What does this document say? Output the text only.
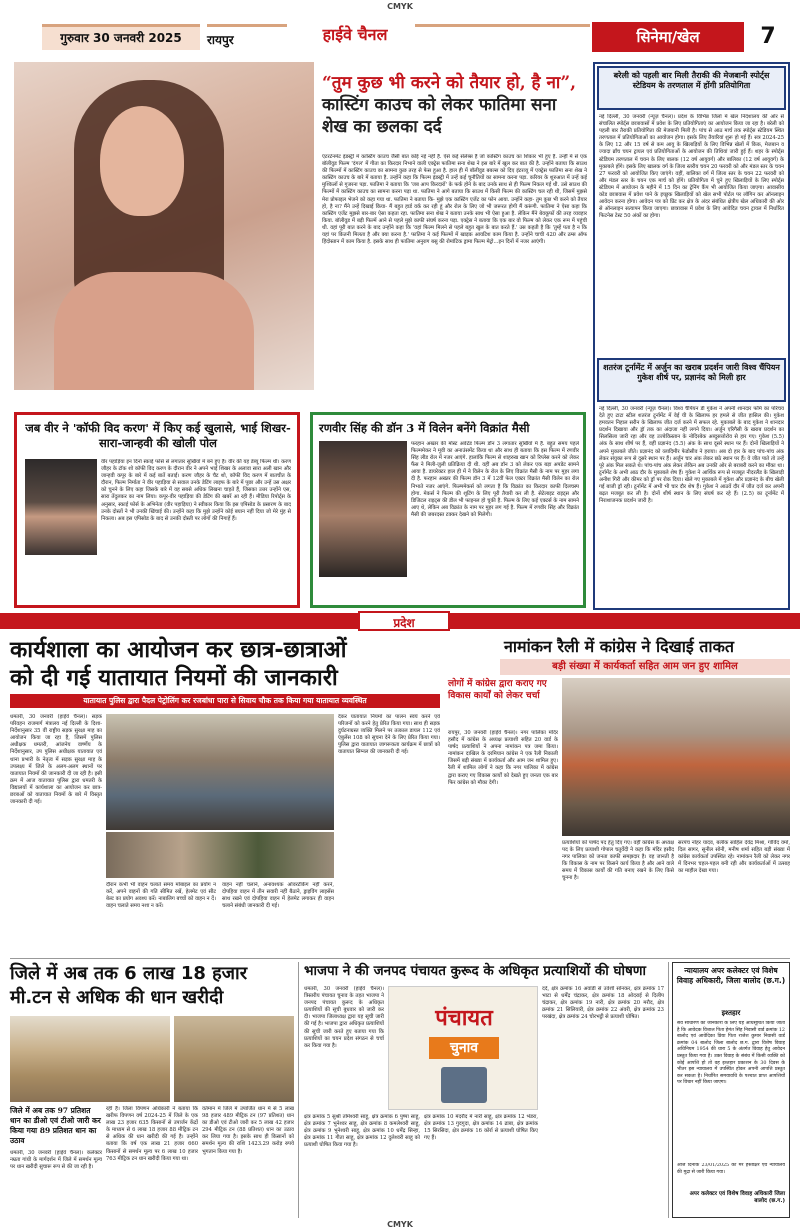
CMYK
गुरुवार 30 जनवरी 2025	रायपुर	हाईवे चैनल	सिनेमा/खेल	7
“तुम कुछ भी करने को तैयार हो, है ना”, कास्टिंग काउच को लेकर फातिमा सना शेख का छलका दर्द
एंटरटेनमेंट इंडस्ट्री में कास्टिंग काउच जैसी बात कोई नई नहीं है. ऐसे कई सेलेब्स हैं जो कास्टिंग काउच का शिकार भी हुए हैं. उन्हीं में से एक बॉलीवुड फिल्म 'दंगल' में गीता का किरदार निभाने वाली एक्ट्रेस फातिमा सना शेख ने इस बारे में खुल कर बात की है. उन्होंने बताया कि साउथ की फिल्मों में कास्टिंग काउच का सामना कुछ तरह से फेस हुआ है. हाल ही में बॉलीवुड बबल्स को दिए इंटरव्यू में एक्ट्रेस फातिमा सना शेख ने कास्टिंग काउच के बारे में बताया है. उन्होंने कहा कि फिल्म इंडस्ट्री में उन्हें कई चुनौतियों का सामना करना पड़ा. करियर के शुरुआत में उन्हें कई मुश्किलों से गुजरना पड़ा. फातिमा ने बताया कि 'जब आप किरदारों' के फर्क होने के बाद उनके साथ से ही फिल्म निकल गई थी. उसे साउथ की फिल्मों में कास्टिंग काउच का सामना करना पड़ा था. फातिमा ने आगे बताया कि साउथ में किसी फिल्म की कास्टिंग चल रही थी, जिसमें मुझसे मेरा प्रोफाइल भेजने को कहा गया था. फातिमा ने बताया कि- मुझे एक कास्टिंग एजेंट का फोन आया. उन्होंने कहा- तुम कुछ भी करने को तैयार हो, है ना? मैंने उन्हें दिखाई किया- मैं बहुत हार्ड वर्क कर रही हूं और रोल के लिए जो भी जरूरत होगी मैं करूंगी. फातिमा ने ऐसा कहा कि कास्टिंग एजेंट मुझसे बार-बार ऐसा कहता रहा. फातिमा सना शेख ने बताया उनके साथ भी ऐसा हुआ है. लेकिन मैंने बेवकूफों की तरह व्यवहार किया. बॉलीवुड में बड़ी फिल्में आने से पहले मुझे काफी संघर्ष करना पड़ा. एक्ट्रेस ने बताया कि एक बार वो फिल्म को लेकर एक रूम में पहुंची थी. वहां पूरी बात करने के बाद उन्होंने कहा कि 'वहां फिल्म मिलने से पहले बहुत खुल के बात करते हैं.' उस कहती है कि 'तुम्हें पता है न कि यहां पर कितनी मिलता है और क्या करना है.' फातिमा ने कई फिल्मों में खाड़क आयटिश काम किया है. उन्होंने चाची 420 और ठग्स ऑफ हिंदोस्तान में काम किया है. इसके साथ ही फातिमा अनुराग बसु की रोमांटिक ड्रामा फिल्म मेट्रो...इन दिनों में नजर आएंगी।
बरेली को पहली बार मिली तैराकी की मेजबानी स्पोर्ट्स स्टेडियम के तरणताल में होंगी प्रतियोगिता
नई दिल्ली, 30 जनवरी (न्यूज़ चैनल)। प्रदेश के विभिन्न जिलों में खेल निदेशालय की ओर से संचालित स्पोर्ट्स छात्रावासों में प्रवेश के लिए प्रतियोगिताएं का आयोजन किया जा रहा है। बरेली को पहली बार तैराकी प्रतियोगिता की मेजबानी मिली है। पांच से आठ मार्च तक स्पोर्ट्स स्टेडियम स्थित तरणताल में प्रतियोगिताओं का आयोजन होगा। इसके लिए तैयारियां शुरू हो गई हैं। सत्र 2024-25 के लिए 12 और 15 वर्ष से कम आयु के खिलाड़ियों के लिए विभिन्न खेलों में किक, मेजबान व ज्यादा ब्राँच चयन ट्रायल एवं प्रतियोगिताओं के आयोजन की तिथियां जारी हुई हैं। शहर के स्पोर्ट्स स्टेडियम तरणताल में चयन के लिए बालक (12 वर्ष आयुवर्ग) और बालिका (12 वर्ष आयुवर्ग) के मुकाबले होंगे। इसके लिए खालक वर्ग के जिला स्तरीय चयन 20 फरवरी को और मंडल स्तर के चयन 27 फरवरी को आयोजित किए जाएंगे। वहीं, बालिका वर्ग में जिला स्तर के चयन 22 फरवरी को और मंडल स्तर के चयन एक मार्च को होंगे। प्रतियोगिता में चुने हुए खिलाड़ियों के लिए स्पोर्ट्स स्टेडियम में आयोजन के महीने में 15 दिन का ट्रेनिंग कैंप भी आयोजित किया जाएगा। आवासीय कोड छात्रावास में प्रवेश पाने के इच्छुक खिलाड़ियों को खेल सभी पोर्टल पर लॉगिन कर ऑनलाइन आवेदन करना होगा। आवेदन पत्र को प्रिंट कर क्षेत्र के अंदर संबंधित क्षेत्रीय खेल अधिकारी की ओर से ऑनलाइन सत्यापन किया जाएगा। छात्रावास में प्रवेश के लिए आवेदित चयन ट्रायल में निर्धारित फिटनेस टेस्ट 50 अंकों का होगा।
शतरंज टूर्नामेंट में अर्जुन का खराब प्रदर्शन जारी विश्व चैंपियन गुकेश शीर्ष पर, प्रज्ञानंद को मिली हार
नई दिल्ली, 30 जनवरी (न्यूज़ चैनल)। विश्व चैंपियन डी गुकेश ने अपनी शानदार फॉर्म का परिचय देते हुए टाटा स्टील शतरंज टूर्नामेंट में वेई यी के खिलाफ हर हमले से जीत हासिल की। गुकेश हमवतन निहाल सरीन के खिलाफ जीत दर्ज करने में सफल रहे. मुकाबले के बाद गुकेश ने शानदार प्रदर्शन दिखाया और ड्रॉ तक का अंदाजा नहीं लगने दिया। अर्जुन एरिगैसी के खराब प्रदर्शन का सिलसिला जारी रहा और वह उज्बेकिस्तान के नोदिरबेक अब्दुसत्तोरोव से हार गए। गुकेश (5.5) अंक के साथ शीर्ष पर हैं, वहीं प्रज्ञानंद (5.5) अंक के साथ दूसरे स्थान पर हैं। दोनों खिलाड़ियों ने अपने मुकाबले जीते। प्रज्ञानंद को व्लादिमीर फेडोसीव ने हराया। अब दो हार के बाद पांच-पांच अंक लेकर संयुक्त रूप से दूसरे स्थान पर हैं। अर्जुन चार अंक लेकर छठे स्थान पर हैं। वे जीत पाते तो उन्हें पूरे अंक मिल सकते थे। पांच-पांच अंक लेकर लेकिन अब उनकी ओर से बराबरी करने का मौका था। टूर्नामेंट के अभी आठ दौर के मुकाबले शेष हैं। गुकेश ने आर्थिक रूप से मजबूत नीदरलैंड के खिलाड़ी अनीश गिरी और कीमर को ड्रॉ पर रोक दिया। खेले गए मुकाबले में गुकेश और प्रज्ञानंद के बीच खेली गई बाजी ड्रॉ रही। टूर्नामेंट में अभी भी चार दौर शेष हैं। गुकेश ने आठवें दौर में जीत दर्ज कर अपनी बढ़त मजबूत कर ली है। दोनों शीर्ष स्थान के लिए संघर्ष कर रहे हैं। (2.5) का टूर्नामेंट में निराशाजनक प्रदर्शन जारी है।
जब वीर ने 'कॉफी विद करण' में किए कई खुलासे, भाई शिखर-सारा-जान्हवी की खोली पोल
वीर पहाड़िया इन दिनों स्काई फोर्स से लगातार सुर्खियों में बने हुए हैं। वीर की यह डेब्यू फिल्म थी। करण जौहर के टॉक शो कॉफी विद करण के दौरान वीर ने अपने भाई शिखर के अलावा सारा अली खान और जान्हवी कपूर के बारे में कई बातें बताईं। करण जौहर के चैट शो, कॉफी विद करण में बातचीत के दौरान, फिल्म निर्माता ने वीर पहाड़िया से सवाल उनके डेटिंग लाइफ के बारे में पूछा और उन्हें उस अक्षर को चुनने के लिए कहा जिसके बारे में वह सबसे अधिक लिखना चाहते हैं, जिसका उत्तर उन्होंने एस, सारा तेंदुलकर का नाम लिया। कपूर-वीर पहाड़िया की डेटिंग की खबरें आ रही हैं। मीडिया रिपोर्ट्स के अनुसार, स्काई फोर्स के अभिनेता (वीर पहाड़िया) ने स्वीकार किया कि इस एपिसोड के प्रसारण के बाद उनके दोस्तों ने भी उनकी खिंचाई की। उन्होंने कहा कि मुझे उन्होंने कोई बयान नहीं दिया जो मेरे मुंह से निकला। अब इस एपिसोड के बाद से उनकी दोस्ती पर लोगों की निगाहें हैं।
रणवीर सिंह की डॉन 3 में विलेन बनेंगे विक्रांत मैसी
फरहान अख्तर की मोस्ट अवेटेड फिल्म डॉन 3 लगातार सुर्खियों में है. बहुत समय पहले फिल्ममेकर ने मूवी का अनाउंसमेंट किया था और साथ ही बताया कि इस फिल्म में रणवीर सिंह लीड रोल में नजर आएंगे. हालांकि फिल्म से शाहरुख खान को रिप्लेस करने को लेकर फैंस ने मिली-जुली प्रतिक्रिया दी थी. वहीं अब डॉन 3 को लेकर एक बड़ा अपडेट सामने आया है. डायरेक्टर हाल ही में ने विलेन के रोल के लिए विक्रांत मैसी के नाम पर मुहर लगा दी है. फरहान अख्तर की फिल्म डॉन 3 में 12वीं फेल एक्टर विक्रांत मैसी विलेन का रोल निभाते नजर आएंगे. फिल्ममेकर्स को लगता है कि विक्रांत का किरदार काफी दिलचस्प होगा. मेकर्स ने फिल्म की शूटिंग के लिए पूरी तैयारी कर ली है. सेटेलाइट राइट्स और डिजिटल राइट्स की डील भी फाइनल हो चुकी है. फिल्म के लिए कई एक्टर्स के नाम सामने आए थे, लेकिन अब विक्रांत के नाम पर मुहर लग गई है. फिल्म में रणवीर सिंह और विक्रांत मैसी की जबरदस्त टक्कर देखने को मिलेगी।
प्रदेश
कार्यशाला का आयोजन कर छात्र-छात्राओं
को दी गई यातायात नियमों की जानकारी
यातायात पुलिस द्वारा पैदल पेट्रोलिंग कर रजबांधा पारा से सिवाय चौक तक किया गया यातायात व्यवस्थित
धमतरी, 30 जनवरी (हाईवे चैनल)। सड़क परिवहन राजमार्ग मंत्रालय नई दिल्ली के दिशा-निर्देशानुसार 35 वीं राष्ट्रीय सड़क सुरक्षा माह का आयोजन किया जा रहा है, जिसमें पुलिस अधीक्षक धमतरी, आंजनेय वार्ष्णेय के निर्देशानुसार, उप पुलिस अधीक्षक यातायात एवं थाना प्रभारी के नेतृत्व में सड़क सुरक्षा माह के उपलक्ष्य में जिले के अलग-अलग स्थानों पर यातायात नियमों की जानकारी दी जा रही है। इसी क्रम में आज यातायात पुलिस द्वारा धमतरी के विद्यालयों में कार्यशाला का आयोजन कर छात्र-छात्राओं को यातायात नियमों के बारे में विस्तृत जानकारी दी गई।
दौरान कभी भी वाहन चलाते समय मोबाइल का प्रयोग न करें, अपने वाहनों की गति सीमित रखें, हेलमेट एवं सीट बेल्ट का प्रयोग अवश्य करें। नाबालिग बच्चों को वाहन न दें। वाहन चलाते समय नशा न करें।
वाहन नहीं चलाने, अनावश्यक ओवरटेकिंग नहीं करने, दोपहिया वाहन में तीन सवारी नहीं बैठाने, ड्राइविंग लाइसेंस साथ रखने एवं दोपहिया वाहन में हेलमेट लगाकर ही वाहन चलाने संबंधी जानकारी दी गई।
देकर यातायात नियमों का पालन स्वयं करने एवं परिजनों को करने हेतु प्रेरित किया गया। साथ ही सड़क दुर्घटनाग्रस्त व्यक्ति मिलने पर तत्काल डायल 112 एवं एंबुलेंस 108 को सूचना देने के लिए प्रेरित किया गया। पुलिस द्वारा यातायात जागरूकता कार्यक्रम में छात्रों को यातायात सिग्नल की जानकारी दी गई।
नामांकन रैली में कांग्रेस ने दिखाई ताकत
बड़ी संख्या में कार्यकर्ता सहित आम जन हुए शामिल
लोगों में कांग्रेस द्वारा कराए गए विकास कार्यों को लेकर चर्चा
रायपुर, 30 जनवरी (हाईवे चैनल)। नगर पालिका मंदिर हसौद में कांग्रेस के अध्यक्ष प्रत्याशी सहित 20 वार्ड के पार्षद प्रत्याशियों ने अपना नामांकन पत्र जमा किया। नामांकन दाखिल के दरमियान कांग्रेस ने एक रैली निकाली जिसमें बड़ी संख्या में कार्यकर्ता और आम जन शामिल हुए। रैली में शामिल लोगों ने कहा कि नगर पालिका में कांग्रेस द्वारा कराए गए विकास कार्यों को देखते हुए जनता एक बार फिर कांग्रेस को मौका देगी।
प्रत्याशियों को पार्षद पद हेतु दिए गए। वहीं कांग्रेस के अध्यक्ष पद के लिए प्रत्याशी गोपाल चतुर्वेदी ने कहा कि मंदिर हसौद नगर पालिका को जनता काफी समझदार है। वह जानती है कि विकास के नाम पर किसने कार्य किया है और आने वाले समय में विकास कार्यों की गति बनाए रखने के लिए किसे चुनना है।
सरपंच नोहर यादव, बलीक साहिल देवेंद्र मिश्रा, गोविंद वर्मा, दिल सागर, सुनील सोनी, मनीष शर्मा सहित बड़ी संख्या में कांग्रेस कार्यकर्ता उपस्थित रहे। नामांकन रैली को लेकर नगर में दिनभर चहल-पहल बनी रही और कार्यकर्ताओं में उत्साह का माहौल देखा गया।
जिले में अब तक 6 लाख 18 हजार
मी.टन से अधिक की धान खरीदी
जिले में अब तक 97 प्रतिशत धान का डीओ एवं टीओ जारी कर किया गया 89 प्रतिशत धान का उठाव
धमतरी, 30 जनवरी (हाईवे चैनल)। कलेक्टर नम्रता गांधी के मार्गदर्शन में जिले में समर्थन मूल्य पर धान खरीदी सुचारू रूप से की जा रही है।
रही है। जिला विपणन अधिकारी ने बताया कि खरीफ विपणन वर्ष 2024-25 में जिले के एक लाख 23 हजार 635 किसानों से उपार्जन केंद्रों के माध्यम से 6 लाख 18 हजार 88 मीट्रिक टन से अधिक की धान खरीदी की गई है। उन्होंने बताया कि वर्ष एक लाख 21 हजार 660 किसानों से समर्थन मूल्य पर 6 लाख 10 हजार 763 मीट्रिक टन धान खरीदी किया गया था।
वर्तमान में जिले में उपार्जित धान में से 5 लाख 98 हजार 489 मीट्रिक टन (97 प्रतिशत) धान का डीओ एवं टीओ जारी कर 5 लाख 42 हजार 294 मीट्रिक टन (88 प्रतिशत) धान का उठाव कर लिया गया है। इसके साथ ही किसानों को समर्थन मूल्य की राशि 1423.29 करोड़ रुपये भुगतान किया गया है।
भाजपा ने की जनपद पंचायत कुरूद के अधिकृत प्रत्याशियों की घोषणा
धमतरी, 30 जनवरी (हाईवे चैनल)। त्रिस्तरीय पंचायत चुनाव के तहत भाजपा ने जनपद पंचायत कुरूद के अधिकृत प्रत्याशियों की सूची बुधवार को जारी कर दी। भाजपा जिलाध्यक्ष द्वारा यह सूची जारी की गई है। भाजपा द्वारा अधिकृत प्रत्याशियों की सूची जारी करते हुए बताया गया कि प्रत्याशियों का चयन प्रदेश संगठन से चर्चा कर किया गया है।
पंचायत
चुनाव
क्षेत्र क्रमांक 5 सुश्री तोमेश्वरी साहू, क्षेत्र क्रमांक 6 पुष्पा साहू, क्षेत्र क्रमांक 7 भुनेश्वर साहू, क्षेत्र क्रमांक 8 कमलेश्वरी साहू, क्षेत्र क्रमांक 9 भुनेश्वरी साहू, क्षेत्र क्रमांक 10 धर्मेंद्र सिन्हा, क्षेत्र क्रमांक 11 गीता साहू, क्षेत्र क्रमांक 12 दुलेश्वरी साहू को प्रत्याशी घोषित किया गया है।
क्षेत्र क्रमांक 10 मंदरौद में नारी साहू, क्षेत्र क्रमांक 12 भेंडरा, क्षेत्र क्रमांक 13 गुदगुदा, क्षेत्र क्रमांक 14 ढाबा, क्षेत्र क्रमांक 15 सिरसिदा, क्षेत्र क्रमांक 16 कोर्रा से प्रत्याशी घोषित किए गए हैं।
दर्द, क्षेत्र क्रमांक 16 अवांडी से उर्वशी सोनकर, क्षेत्र क्रमांक 17 भाटा से धर्मेंद्र चंद्राकर, क्षेत्र क्रमांक 18 ओदराई से दिलीप चंद्राकर, क्षेत्र क्रमांक 19 नारी, क्षेत्र क्रमांक 20 मरौद, क्षेत्र क्रमांक 21 सिलियारी, क्षेत्र क्रमांक 22 अंवरी, क्षेत्र क्रमांक 23 परखंदा, क्षेत्र क्रमांक 24 चोरभट्ठी से प्रत्याशी घोषित।
न्यायालय अपर कलेक्टर एवं विशेष विवाह अधिकारी, जिला बालोद (छ.ग.)
इश्तहार
सर्व साधारण को जानकारी के लिए यह अधिसूचित किया जाता है कि आवेदक विशाल पिता हेमंत सिंह निवासी वार्ड क्रमांक 12 बालोद एवं आवेदिका प्रिया पिता राजेश कुमार निवासी वार्ड क्रमांक 04 बालोद जिला बालोद छ.ग. द्वारा विशेष विवाह अधिनियम 1954 की धारा 5 के अंतर्गत विवाह हेतु आवेदन प्रस्तुत किया गया है। उक्त विवाह के संबंध में किसी व्यक्ति को कोई आपत्ति हो तो वह इश्तहार प्रकाशन के 30 दिवस के भीतर इस न्यायालय में उपस्थित होकर अपनी आपत्ति प्रस्तुत कर सकता है। निर्धारित समयावधि के पश्चात प्राप्त आपत्तियों पर विचार नहीं किया जाएगा।
आज दिनांक 23/01/2025 को मेरे हस्ताक्षर एवं न्यायालय की मुद्रा से जारी किया गया।
अपर कलेक्टर एवं विशेष विवाह अधिकारी जिला बालोद (छ.ग.)
CMYK
